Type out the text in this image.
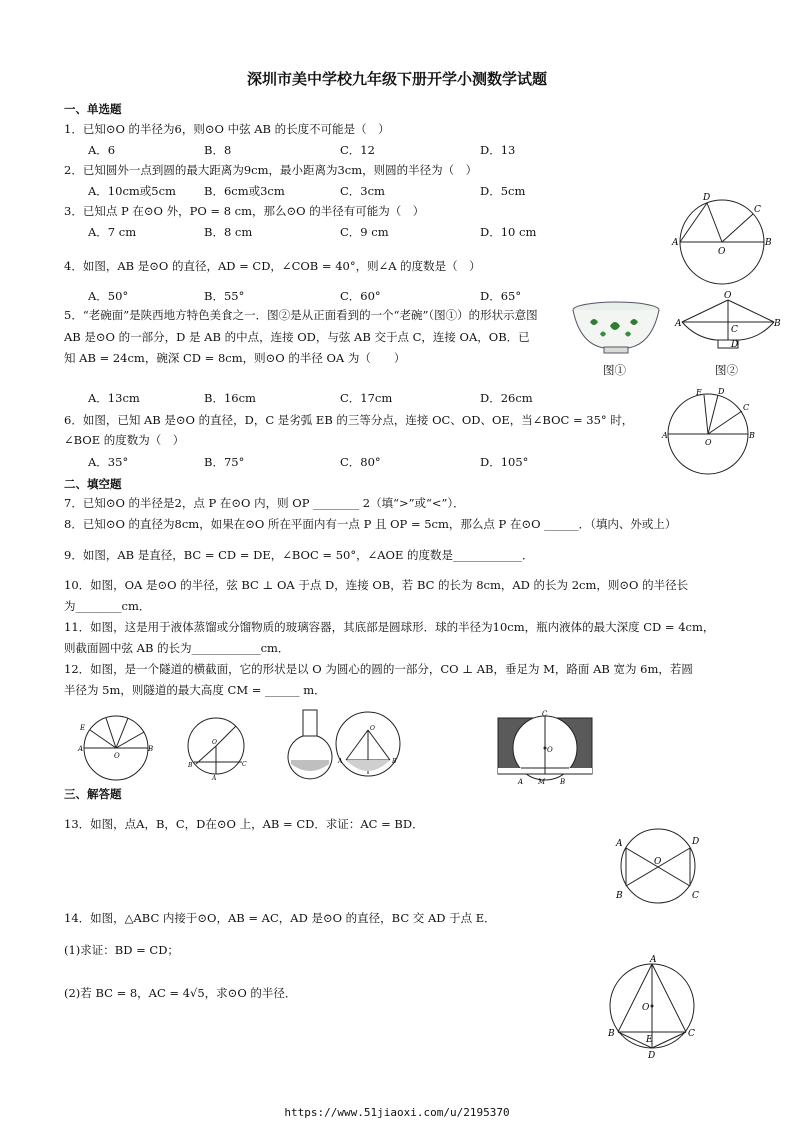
深圳市美中学校九年级下册开学小测数学试题
一、单选题
1．已知⊙O 的半径为6，则⊙O 中弦 AB 的长度不可能是（　）
A．6	B．8	C．12	D．13
2．已知圆外一点到圆的最大距离为9cm，最小距离为3cm，则圆的半径为（　）
A．10cm或5cm B．6cm或3cm	C．3cm	D．5cm
3．已知点 P 在⊙O 外，PO = 8 cm，那么⊙O 的半径有可能为（　）
A．7 cm	B．8 cm	C．9 cm	D．10 cm
D
C
A	B
O
4．如图，AB 是⊙O 的直径，AD = CD，∠COB = 40°，则∠A 的度数是（　）
A．50°	B．55°	C．60°	D．65°
5．“老碗面”是陕西地方特色美食之一．图②是从正面看到的一个“老碗”（图①）的形状示意图
AB 是⊙O 的一部分，D 是 AB 的中点，连接 OD，与弦 AB 交于点 C，连接 OA，OB．已
知 AB = 24cm，碗深 CD = 8cm，则⊙O 的半径 OA 为（　　）
A．13cm	B．16cm	C．17cm	D．26cm
图①
O
A	B
C
D
图②
6．如图，已知 AB 是⊙O 的直径，D，C 是劣弧 EB 的三等分点，连接 OC、OD、OE，当∠BOC = 35° 时，
∠BOE 的度数为（　）
A．35°	B．75°	C．80°	D．105°
E D
C
A	B
O
二、填空题
7．已知⊙O 的半径是2，点 P 在⊙O 内，则 OP ________ 2（填“>”或“<”）．
8．已知⊙O 的直径为8cm，如果在⊙O 所在平面内有一点 P 且 OP = 5cm，那么点 P 在⊙O ______．（填内、外或上）
9．如图，AB 是直径，BC = CD = DE，∠BOC = 50°，∠AOE 的度数是____________．
10．如图，OA 是⊙O 的半径，弦 BC ⊥ OA 于点 D，连接 OB，若 BC 的长为 8cm，AD 的长为 2cm，则⊙O 的半径长
为________cm．
11．如图，这是用于液体蒸馏或分馏物质的玻璃容器，其底部是圆球形．球的半径为10cm，瓶内液体的最大深度 CD = 4cm，
则截面圆中弦 AB 的长为____________cm．
12．如图，是一个隧道的横截面，它的形状是以 O 为圆心的圆的一部分，CO ⊥ AB，垂足为 M，路面 AB 宽为 6m，若圆
半径为 5m，则隧道的最大高度 CM = ______ m．
E
A	B
O
O
B	C
A
O
A	B
C
O
A M B
三、解答题
13．如图，点A，B，C，D在⊙O 上，AB = CD．求证：AC = BD．
A	D
B	C
O
14．如图，△ABC 内接于⊙O，AB = AC，AD 是⊙O 的直径，BC 交 AD 于点 E．
(1)求证：BD = CD；
(2)若 BC = 8，AC = 4√5，求⊙O 的半径．
A
O
B	C
E
D
https://www.51jiaoxi.com/u/2195370
